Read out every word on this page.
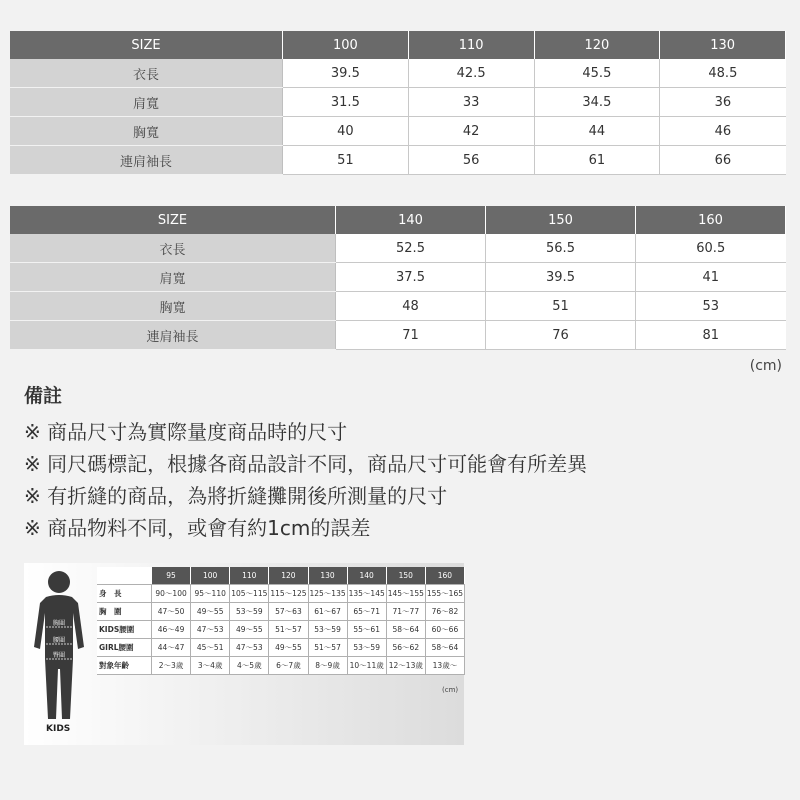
SIZE	100	110	120	130
衣長	39.5	42.5	45.5	48.5
肩寬	31.5	33	34.5	36
胸寬	40	42	44	46
連肩袖長	51	56	61	66
SIZE	140	150	160
衣長	52.5	56.5	60.5
肩寬	37.5	39.5	41
胸寬	48	51	53
連肩袖長	71	76	81
(cm)
備註
※ 商品尺寸為實際量度商品時的尺寸
※ 同尺碼標記，根據各商品設計不同，商品尺寸可能會有所差異
※ 有折縫的商品，為將折縫攤開後所測量的尺寸
※ 商品物料不同，或會有約1cm的誤差
胸圍
腰圍
臀圍
KIDS
	95	100	110	120	130	140	150	160
身　長	90～100	95～110	105～115	115～125	125～135	135～145	145～155	155～165
胸　圍	47～50	49～55	53～59	57～63	61～67	65～71	71～77	76～82
KIDS腰圍	46～49	47～53	49～55	51～57	53～59	55～61	58～64	60～66
GIRL腰圍	44～47	45～51	47～53	49～55	51～57	53～59	56～62	58～64
對象年齡	2～3歲	3～4歲	4～5歲	6～7歲	8～9歲	10～11歲	12～13歲	13歲～
(cm)
